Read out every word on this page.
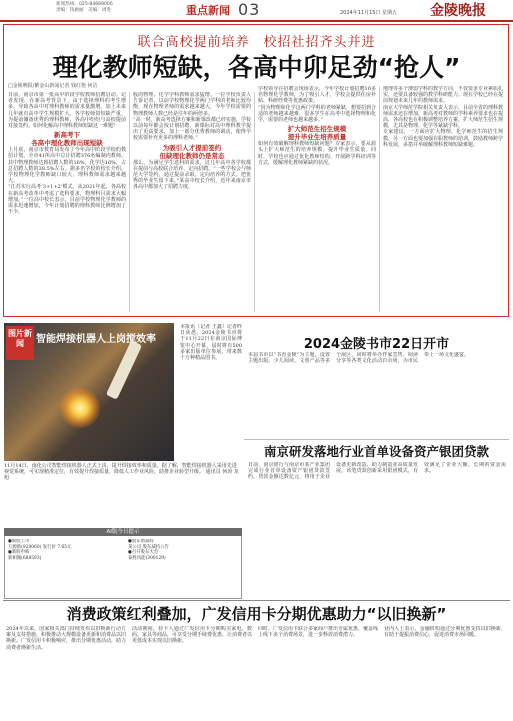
新闻热线：025-84689006
责编：钱旗丽　美编：周进	重点新闻 03	2024年11月15日 星期五 金陵晚报
联合高校提前培养　校招社招齐头并进
理化教师短缺，各高中卯足劲“抢人”
□金陵晚报/紫金山新闻记者 钱红艳 何洁
日前，南京市第一批高中阶段学校教师招聘启动。记者发现，在新高考背景下，由于选择理科的考生增多，导致各高中对理科教师的需求量激增。加上未来几年就有高中学生规模扩大，各学校师资短缺严重。为提前储备优秀的理科教师，各高中纷纷与高校提前对接签约。如何化解高中理科教师短缺这一难题？
新高考下
各高中理化教师出现短缺
上月底，南京市教育局发布了今年高中阶段学校的教招计划，全市41所高中总计招聘376名编制内教师。其中物理教师达到招聘人数的16%，化学达16%，占总招聘人数的38.5%左右。据多名学校的校长介绍，学校物理化学教师缺口较大，理科教师需求越来越大。
“江苏实行高考‘3+1+2’模式，从2021年起，各高校在新高考改革中考虑了选科要求，物理科目需求大幅增加。”一位高中校长表示，目前学校物理化学教师的需求迅速增加，今年计划招聘的理科教师比例增加了不少。
股的物理、化学学科教师需求猛增。一位学校负责人告诉记者，以前学校物理化学两门学科的老师比较均衡，现在物理老师的需求越来越大，今年学校需要的物理教师人数已经是往年的两倍多。
“高一时，新高考选择方案和新课改都已经实施，学校以前每年都会按计划招聘，新课标对高中理科教学提出了更高要求，加上一部分优秀教师的调动，使得学校需要补充更多的理科老师。”
为吸引人才提前签约
但缺理化教师仍是常态
那么，为满足学生选科的需求，这几年高中各学校都在提前与高校联合培养、定向招聘。“一些学校会与师范大学签约，通过提前录取、定向培养的方式，把优秀的毕业生留下来。”某高中校长介绍，近年来南京市各高中都加大了招聘力度。
学校领导在招聘会现场表示，今年学校计划招聘10多名物理化学教师，为了吸引人才，学校会提供住房补贴、科研经费等优惠政策。
“因为物理和化学这两门学科的老师紧缺，想要招到合适的老师越来越难，很多学生在高考中选择物理和化学，需要的老师也越来越多。”
扩大师范生招生规模
提升毕业生培养质量
如何有效破解理科教师短缺问题？专家表示，要从源头上扩大师范生的培养规模，提升毕业生质量。同时，学校也应通过优化教师结构、开展跨学科培训等方式，缓解理化教师紧缺的状况。
地理等多个薄弱学科的教学方向，不仅要求专业素质扎实，还要具备较强的教学科研能力。现在学校已经在提前规划未来几年的教师需求。
南京大学师范学院相关负责人表示，目前全省的理科教师需求还在增加，新高考对教师的学科素养要求也在提高，各高校也在积极调整培养方案，扩大师范生招生规模，尤其是物理、化学等紧缺学科。
专家建议，一方面应扩大物理、化学师范生的招生规模，另一方面也要加强在职教师的培训，鼓励教师跨学科发展，多措并举破解理科教师短缺难题。
图片新闻	智能焊接机器人上岗搅效率
11月14日，南化公司智能焊接机器人正式上岗，提升焊接效率和质量。据了解，智能焊接机器人采用先进视觉系统，可实现精准定位，有效提升焊接质量，降低人工作业风险，助推企业转型升级。 通讯员 何涛 龙旭
本报讯（记者 王鑫）记者昨日获悉，2024金陵书市将于11月22日在南京国际博览中心开幕，届时将有500多家出版单位参展，带来数十万种精品图书。
2024金陵书市22日开市
本届书市以“书香金陵”为主题，设置主题出版、少儿阅读、文创产品等多个展区，同时将举办作家签售、阅读分享等各类文化活动百余场，为市民奉上一场文化盛宴。
南京研发落地行业首单设备资产银团贷款
日前，南京银行与南京市某产业集团完成行业首单设备资产银团贷款签约，贷款金额达数亿元，将用于企业设备更新改造，助力制造业高质量发展。该笔贷款创新采用银团模式，有效满足了企业大额、长期的资金需求。
AI版今日提示
●新股上市
万源新(920060) 发行价 7.65元
●新股申购
新相微(688593)
●股东增减持
某公司 股东减持公告
●召开股东大会
泰胜风能(300129)
消费政策红利叠加，广发信用卡分期优惠助力“以旧换新”
2024年以来，国家相关部门持续发布以旧换新行动方案及支持措施，积极推动大规模设备更新和消费品以旧换新。广发信用卡积极响应，推出分期优惠活动，助力消费者焕新生活。
活动期间，持卡人通过广发信用卡分期购买家电、数码、家具等商品，可享受分期手续费优惠，让消费者以更低成本实现以旧换新。
同时，广发信用卡联合多家商户推出专属优惠，覆盖线上线下多个消费场景，进一步释放消费潜力。
业内人士表示，金融机构通过分期优惠支持以旧换新，有助于提振消费信心，促进消费市场回暖。
